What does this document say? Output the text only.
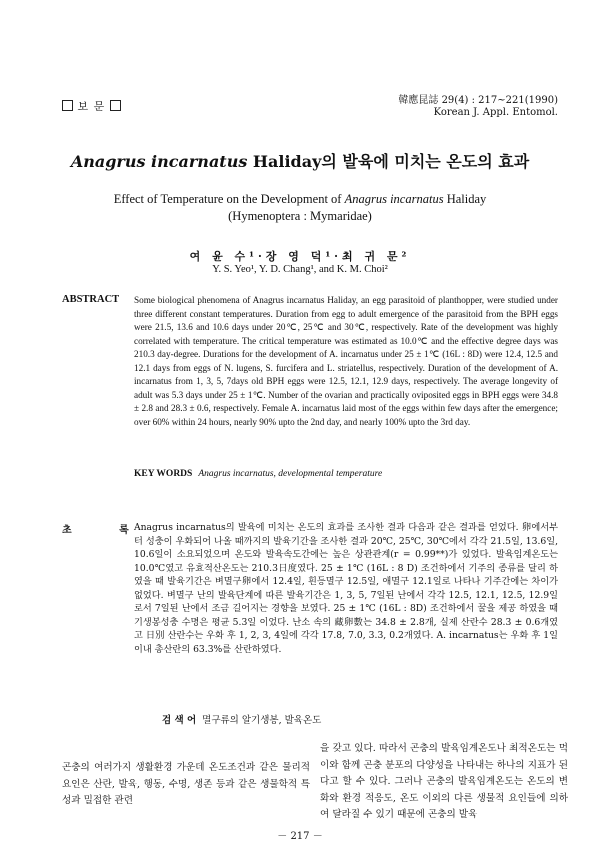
보 문	韓應昆誌 29(4) : 217~221(1990)
Korean J. Appl. Entomol.
Anagrus incarnatus Haliday의 발육에 미치는 온도의 효과
Effect of Temperature on the Development of Anagrus incarnatus Haliday
(Hymenoptera : Mymaridae)
여 윤 수¹·장 영 덕¹·최 귀 문²
Y. S. Yeo¹, Y. D. Chang¹, and K. M. Choi²
ABSTRACT Some biological phenomena of Anagrus incarnatus Haliday, an egg parasitoid of planthopper, were studied under three different constant temperatures. Duration from egg to adult emergence of the parasitoid from the BPH eggs were 21.5, 13.6 and 10.6 days under 20℃, 25℃ and 30℃, respectively. Rate of the development was highly correlated with temperature. The critical temperature was estimated as 10.0℃ and the effective degree days was 210.3 day-degree. Durations for the development of A. incarnatus under 25 ± 1℃ (16L : 8D) were 12.4, 12.5 and 12.1 days from eggs of N. lugens, S. furcifera and L. striatellus, respectively. Duration of the development of A. incarnatus from 1, 3, 5, 7days old BPH eggs were 12.5, 12.1, 12.9 days, respectively. The average longevity of adult was 5.3 days under 25 ± 1℃. Number of the ovarian and practically oviposited eggs in BPH eggs were 34.8 ± 2.8 and 28.3 ± 0.6, respectively. Female A. incarnatus laid most of the eggs within few days after the emergence; over 60% within 24 hours, nearly 90% upto the 2nd day, and nearly 100% upto the 3rd day.
KEY WORDS Anagrus incarnatus, developmental temperature
초 록
Anagrus incarnatus의 발육에 미치는 온도의 효과를 조사한 결과 다음과 같은 결과를 얻었다. 卵에서부터 성충이 우화되어 나올 때까지의 발육기간을 조사한 결과 20℃, 25℃, 30℃에서 각각 21.5일, 13.6일, 10.6일이 소요되었으며 온도와 발육속도간에는 높은 상관관계(r = 0.99**)가 있었다. 발육임계온도는 10.0℃였고 유효적산온도는 210.3日度였다. 25 ± 1℃ (16L : 8 D) 조건하에서 기주의 종류를 달리 하였을 때 발육기간은 벼멸구卵에서 12.4일, 흰등멸구 12.5일, 애멸구 12.1일로 나타나 기주간에는 차이가 없었다. 벼멸구 난의 발육단계에 따른 발육기간은 1, 3, 5, 7일된 난에서 각각 12.5, 12.1, 12.5, 12.9일로서 7일된 난에서 조금 길어지는 경향을 보였다. 25 ± 1℃ (16L : 8D) 조건하에서 꿀을 제공 하였을 때 기생봉성충 수명은 평균 5.3일 이었다. 난소 속의 藏卵數는 34.8 ± 2.8개, 실제 산란수 28.3 ± 0.6개였고 日別 산란수는 우화 후 1, 2, 3, 4일에 각각 17.8, 7.0, 3.3, 0.2개였다. A. incarnatus는 우화 후 1일 이내 총산란의 63.3%를 산란하였다.
검 색 어 멸구류의 알기생봉, 발육온도
곤충의 여러가지 생활환경 가운데 온도조건과 같은 물리적 요인은 산란, 발육, 행동, 수명, 생존 등과 같은 생물학적 특성과 밀접한 관련
을 갖고 있다. 따라서 곤충의 발육임계온도나 최적온도는 먹이와 함께 곤충 분포의 다양성을 나타내는 하나의 지표가 된다고 할 수 있다. 그러나 곤충의 발육임계온도는 온도의 변화와 환경 적응도, 온도 이외의 다른 생물적 요인들에 의하여 달라질 수 있기 때문에 곤충의 발육
－ 217 －
